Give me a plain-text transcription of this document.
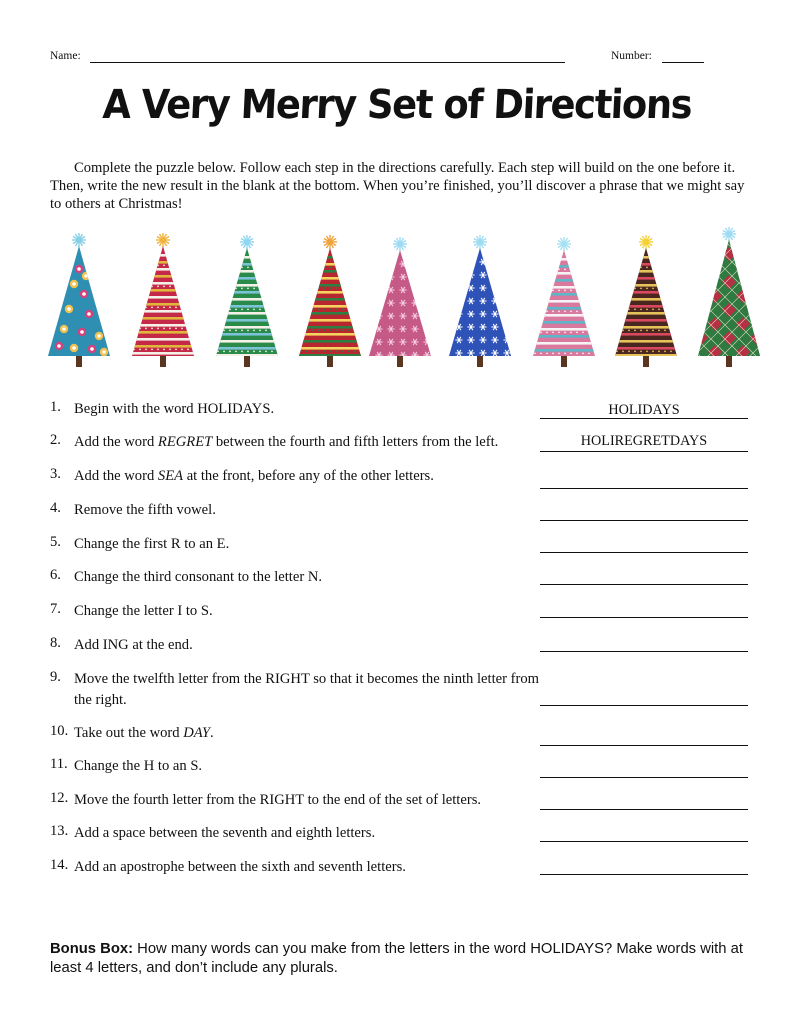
Name:	Number:
A Very Merry Set of Directions

Complete the puzzle below. Follow each step in the directions carefully. Each step will build on the one before it. Then, write the new result in the blank at the bottom. When you’re finished, you’ll discover a phrase that we might say to others at Christmas!

1. Begin with the word HOLIDAYS.	HOLIDAYS
2. Add the word REGRET between the fourth and fifth letters from the left.	HOLIREGRETDAYS
3. Add the word SEA at the front, before any of the other letters.
4. Remove the fifth vowel.
5. Change the first R to an E.
6. Change the third consonant to the letter N.
7. Change the letter I to S.
8. Add ING at the end.
9. Move the twelfth letter from the RIGHT so that it becomes the ninth letter from the right.
10. Take out the word DAY.
11. Change the H to an S.
12. Move the fourth letter from the RIGHT to the end of the set of letters.
13. Add a space between the seventh and eighth letters.
14. Add an apostrophe between the sixth and seventh letters.

Bonus Box: How many words can you make from the letters in the word HOLIDAYS? Make words with at least 4 letters, and don’t include any plurals.
